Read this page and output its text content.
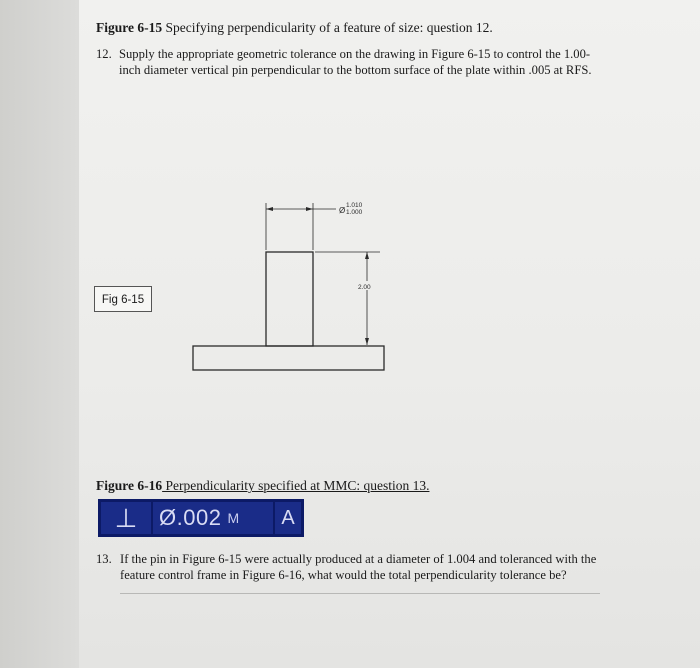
Figure 6-15 Specifying perpendicularity of a feature of size: question 12.
12. Supply the appropriate geometric tolerance on the drawing in Figure 6-15 to control the 1.00-inch diameter vertical pin perpendicular to the bottom surface of the plate within .005 at RFS.
Fig 6-15
Ø
1.010
1.000
2.00
Figure 6-16 Perpendicularity specified at MMC: question 13.
⊥ Ø.002 M A
13. If the pin in Figure 6-15 were actually produced at a diameter of 1.004 and toleranced with the feature control frame in Figure 6-16, what would the total perpendicularity tolerance be?
